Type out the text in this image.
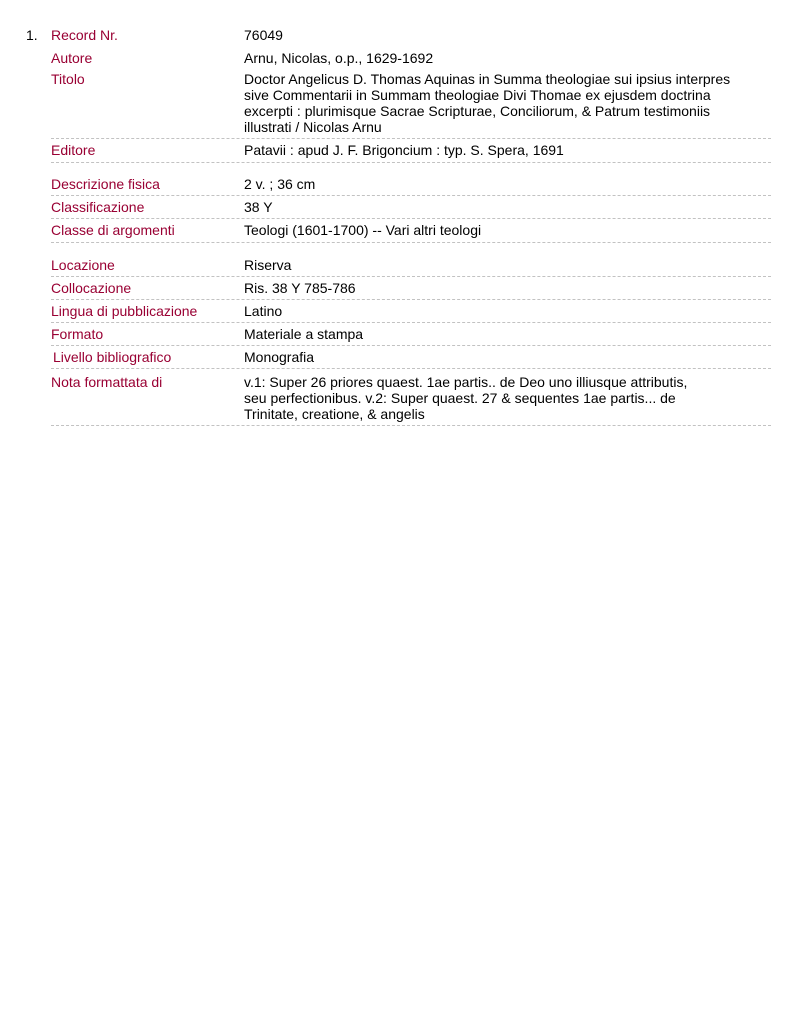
1. Record Nr.	76049
Autore	Arnu, Nicolas, o.p., 1629-1692
Titolo	Doctor Angelicus D. Thomas Aquinas in Summa theologiae sui ipsius interpres sive Commentarii in Summam theologiae Divi Thomae ex ejusdem doctrina excerpti : plurimisque Sacrae Scripturae, Conciliorum, & Patrum testimoniis illustrati / Nicolas Arnu
Editore	Patavii : apud J. F. Brigoncium : typ. S. Spera, 1691
Descrizione fisica	2 v. ; 36 cm
Classificazione	38 Y
Classe di argomenti	Teologi (1601-1700) -- Vari altri teologi
Locazione	Riserva
Collocazione	Ris. 38 Y 785-786
Lingua di pubblicazione	Latino
Formato	Materiale a stampa
Livello bibliografico	Monografia
Nota formattata di	v.1: Super 26 priores quaest. 1ae partis.. de Deo uno illiusque attributis, seu perfectionibus. v.2: Super quaest. 27 & sequentes 1ae partis... de Trinitate, creatione, & angelis
